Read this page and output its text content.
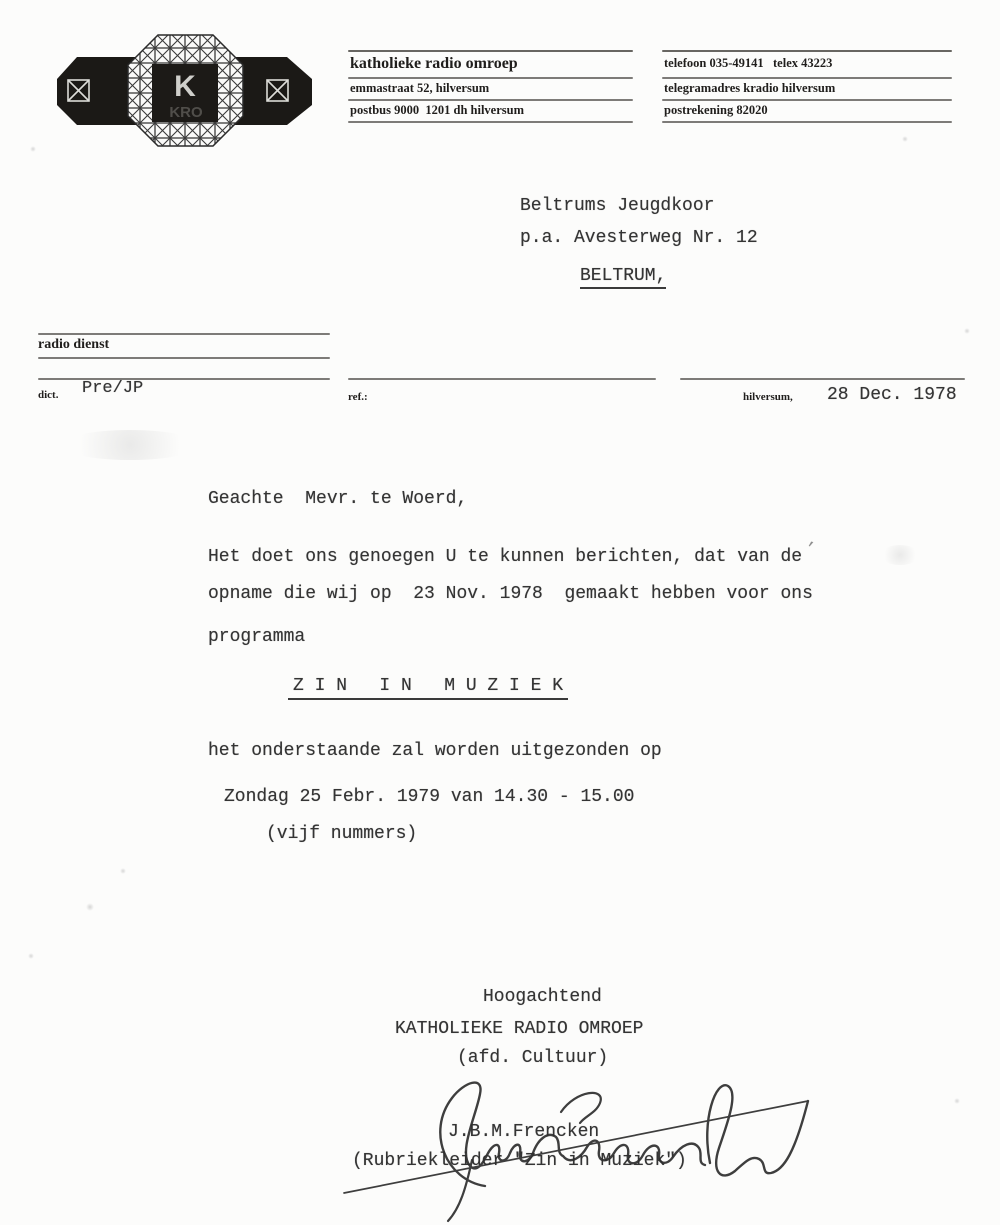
K
KRO
katholieke radio omroep
emmastraat 52, hilversum
postbus 9000  1201 dh hilversum
telefoon 035-49141   telex 43223
telegramadres kradio hilversum
postrekening 82020
Beltrums Jeugdkoor
p.a. Avesterweg Nr. 12
BELTRUM,
radio dienst
dict. Pre/JP	ref.:	hilversum, 28 Dec. 1978
Geachte  Mevr. te Woerd,
Het doet ons genoegen U te kunnen berichten, dat van de ’
opname die wij op  23 Nov. 1978  gemaakt hebben voor ons
programma
Z I N   I N   M U Z I E K
het onderstaande zal worden uitgezonden op
Zondag 25 Febr. 1979 van 14.30 - 15.00
(vijf nummers)
Hoogachtend
KATHOLIEKE RADIO OMROEP
(afd. Cultuur)
J.B.M.Frencken
(Rubriekleider "Zin in Muziek")
